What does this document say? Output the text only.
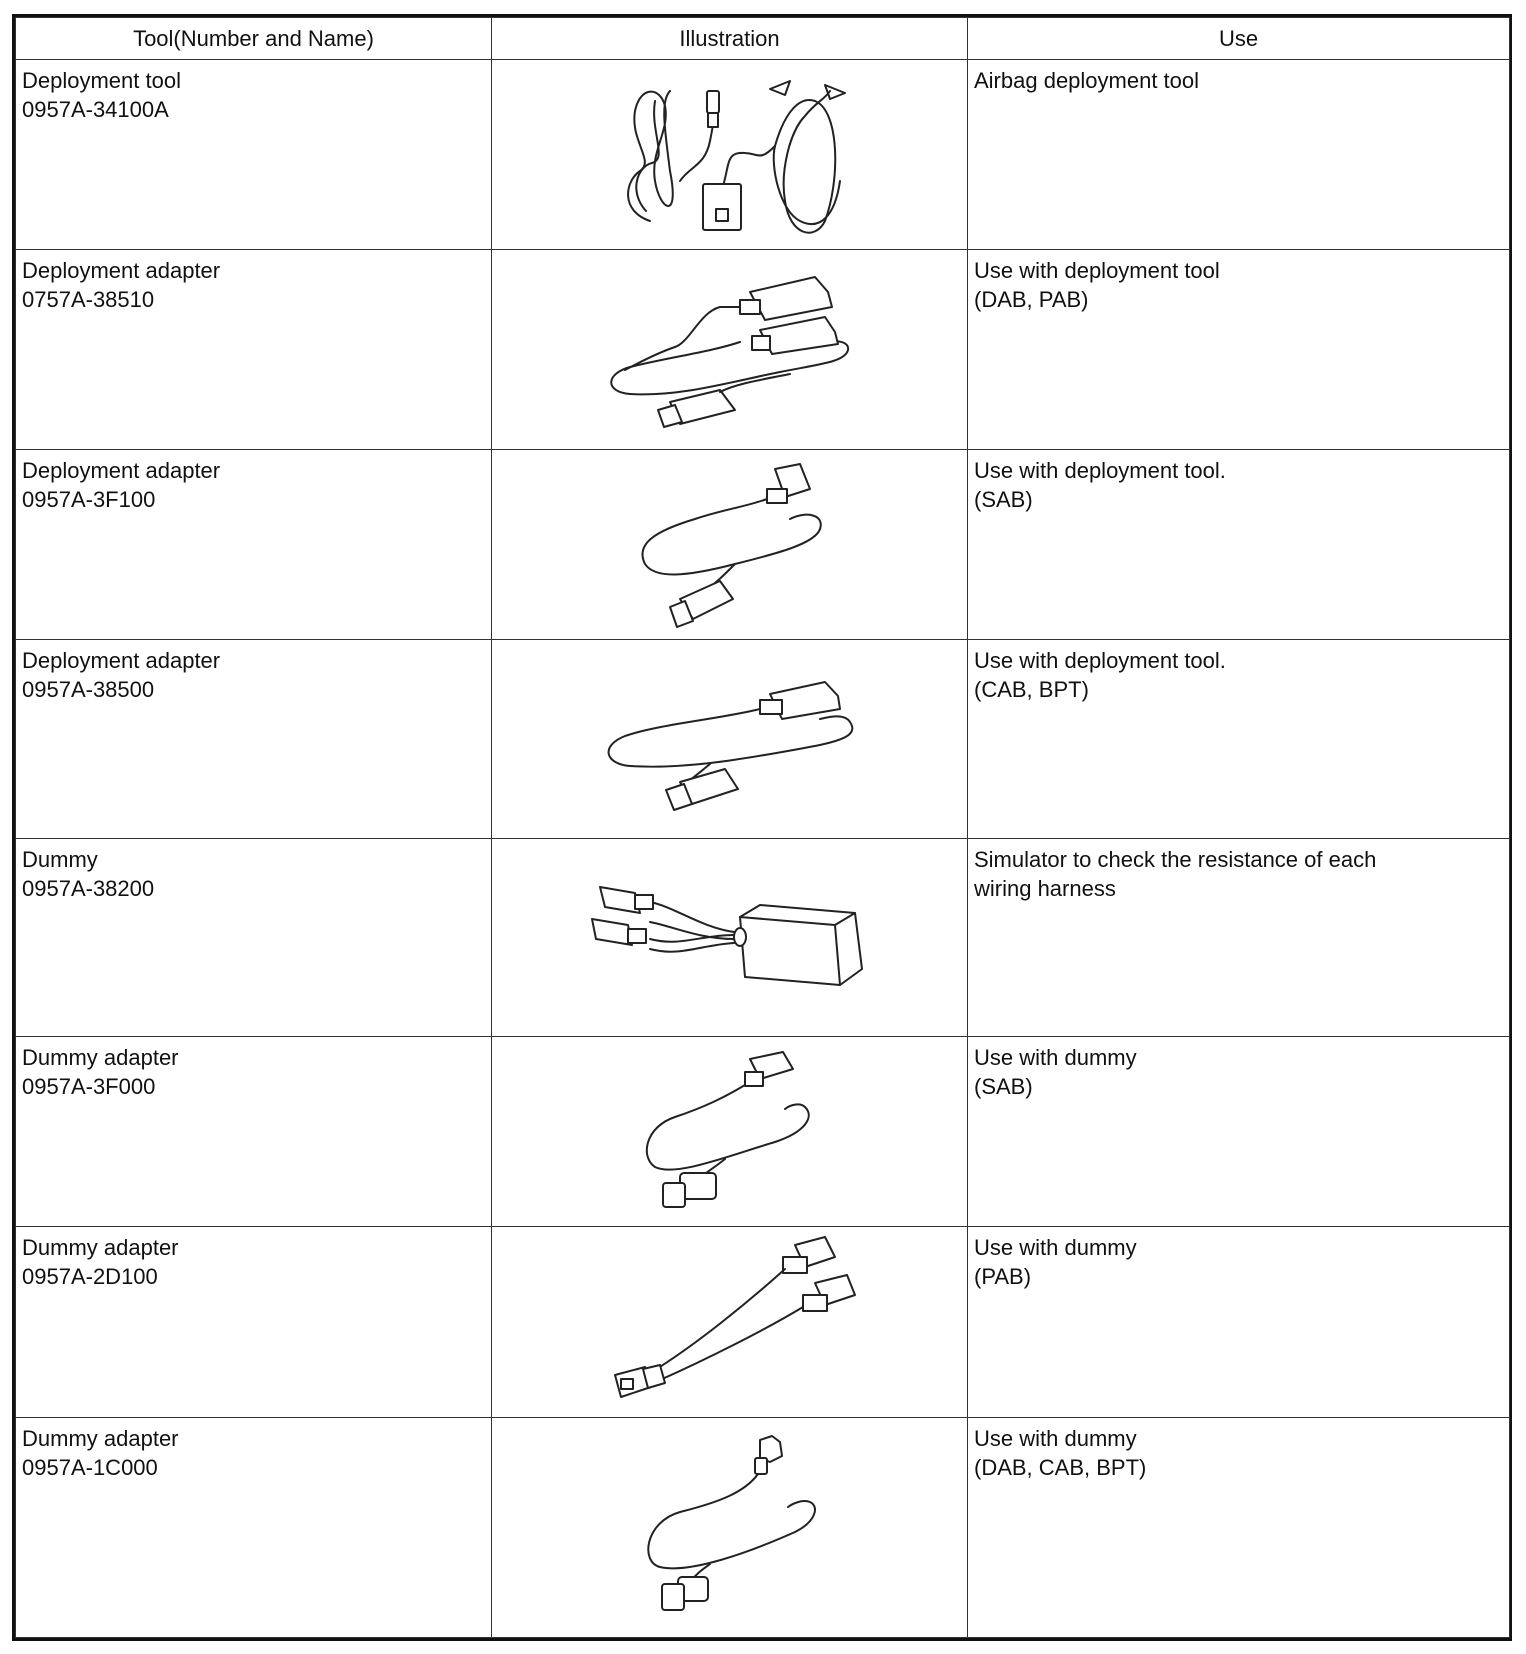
Tool(Number and Name)	Illustration	Use

Deployment tool
0957A-34100A		Airbag deployment tool

Deployment adapter
0757A-38510		Use with deployment tool
(DAB, PAB)

Deployment adapter
0957A-3F100		Use with deployment tool.
(SAB)

Deployment adapter
0957A-38500		Use with deployment tool.
(CAB, BPT)

Dummy
0957A-38200		Simulator to check the resistance of each
wiring harness

Dummy adapter
0957A-3F000		Use with dummy
(SAB)

Dummy adapter
0957A-2D100		Use with dummy
(PAB)

Dummy adapter
0957A-1C000		Use with dummy
(DAB, CAB, BPT)
